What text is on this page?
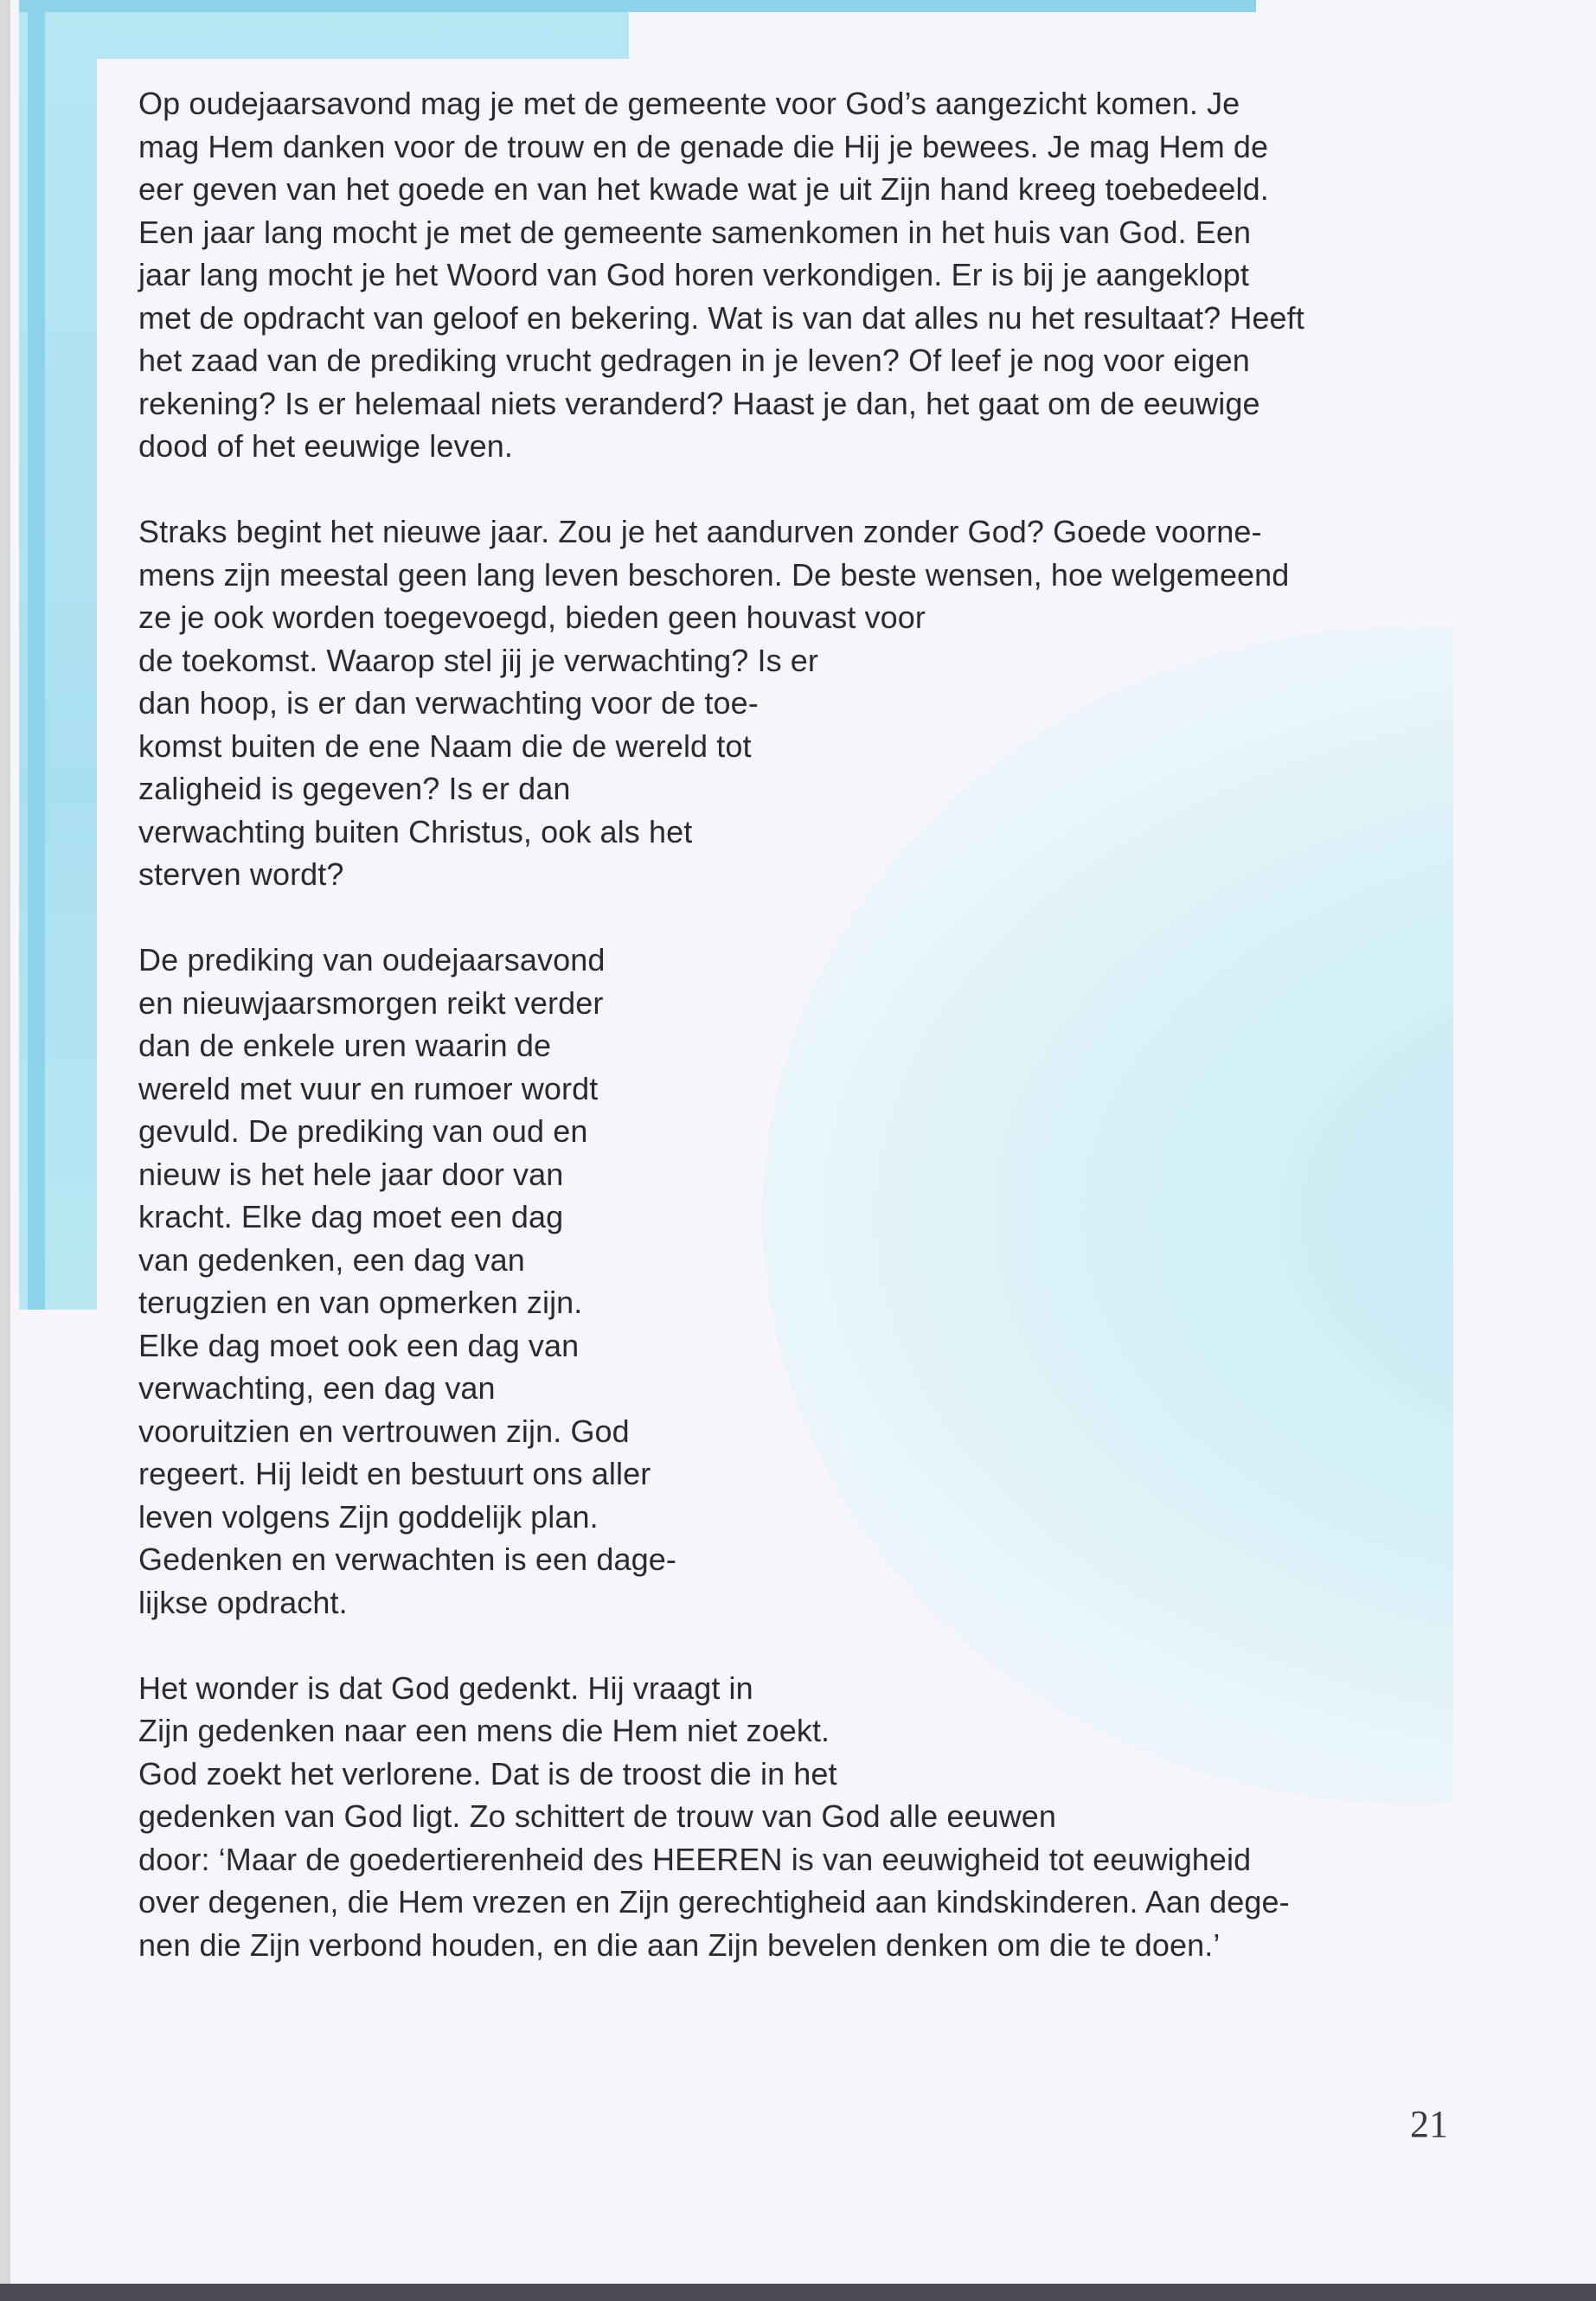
Op oudejaarsavond mag je met de gemeente voor God’s aangezicht komen. Je
mag Hem danken voor de trouw en de genade die Hij je bewees. Je mag Hem de
eer geven van het goede en van het kwade wat je uit Zijn hand kreeg toebedeeld.
Een jaar lang mocht je met de gemeente samenkomen in het huis van God. Een
jaar lang mocht je het Woord van God horen verkondigen. Er is bij je aangeklopt
met de opdracht van geloof en bekering. Wat is van dat alles nu het resultaat? Heeft
het zaad van de prediking vrucht gedragen in je leven? Of leef je nog voor eigen
rekening? Is er helemaal niets veranderd? Haast je dan, het gaat om de eeuwige
dood of het eeuwige leven.
Straks begint het nieuwe jaar. Zou je het aandurven zonder God? Goede voorne-
mens zijn meestal geen lang leven beschoren. De beste wensen, hoe welgemeend
ze je ook worden toegevoegd, bieden geen houvast voor
de toekomst. Waarop stel jij je verwachting? Is er
dan hoop, is er dan verwachting voor de toe-
komst buiten de ene Naam die de wereld tot
zaligheid is gegeven? Is er dan
verwachting buiten Christus, ook als het
sterven wordt?
De prediking van oudejaarsavond
en nieuwjaarsmorgen reikt verder
dan de enkele uren waarin de
wereld met vuur en rumoer wordt
gevuld. De prediking van oud en
nieuw is het hele jaar door van
kracht. Elke dag moet een dag
van gedenken, een dag van
terugzien en van opmerken zijn.
Elke dag moet ook een dag van
verwachting, een dag van
vooruitzien en vertrouwen zijn. God
regeert. Hij leidt en bestuurt ons aller
leven volgens Zijn goddelijk plan.
Gedenken en verwachten is een dage-
lijkse opdracht.
Het wonder is dat God gedenkt. Hij vraagt in
Zijn gedenken naar een mens die Hem niet zoekt.
God zoekt het verlorene. Dat is de troost die in het
gedenken van God ligt. Zo schittert de trouw van God alle eeuwen
door: ‘Maar de goedertierenheid des HEEREN is van eeuwigheid tot eeuwigheid
over degenen, die Hem vrezen en Zijn gerechtigheid aan kindskinderen. Aan dege-
nen die Zijn verbond houden, en die aan Zijn bevelen denken om die te doen.’
21
